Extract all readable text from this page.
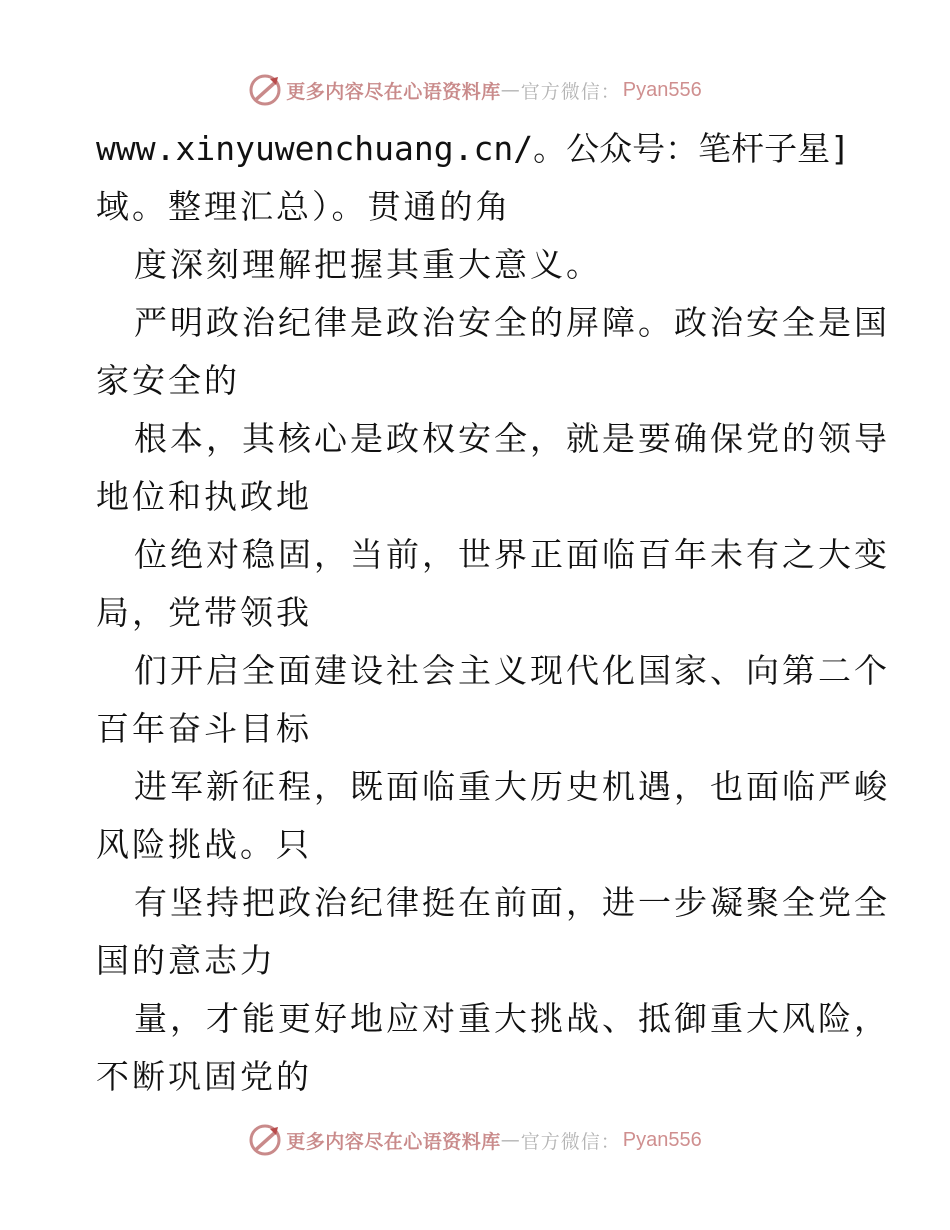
更多内容尽在心语资料库 — 官方微信： Pyan556
www.xinyuwenchuang.cn/。公众号：笔杆子星]
域。整理汇总）。贯通的角
度深刻理解把握其重大意义。
严明政治纪律是政治安全的屏障。政治安全是国
家安全的
根本，其核心是政权安全，就是要确保党的领导
地位和执政地
位绝对稳固，当前，世界正面临百年未有之大变
局，党带领我
们开启全面建设社会主义现代化国家、向第二个
百年奋斗目标
进军新征程，既面临重大历史机遇，也面临严峻
风险挑战。只
有坚持把政治纪律挺在前面，进一步凝聚全党全
国的意志力
量，才能更好地应对重大挑战、抵御重大风险，
不断巩固党的
更多内容尽在心语资料库 — 官方微信： Pyan556
